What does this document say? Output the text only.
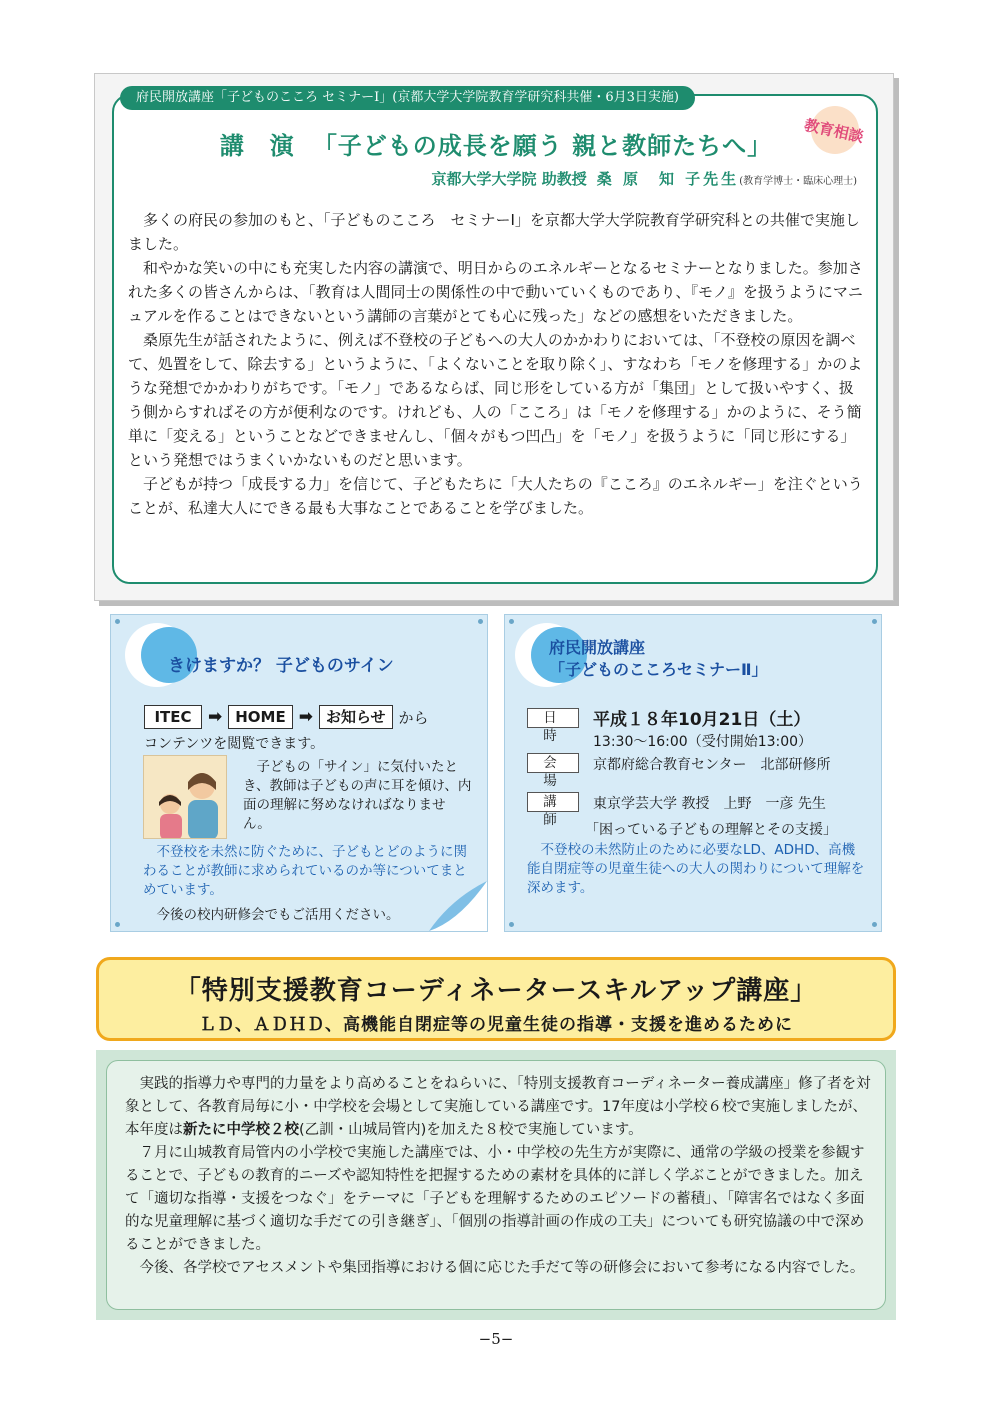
府民開放講座「子どものこころ セミナーⅠ」(京都大学大学院教育学研究科共催・6月3日実施)
教育相談
講　演 「子どもの成長を願う 親と教師たちへ」
京都大学大学院 助教授 桑 原　知 子先生(教育学博士・臨床心理士)

多くの府民の参加のもと、「子どものこころ　セミナーⅠ」を京都大学大学院教育学研究科との共催で実施しました。

和やかな笑いの中にも充実した内容の講演で、明日からのエネルギーとなるセミナーとなりました。参加された多くの皆さんからは、「教育は人間同士の関係性の中で動いていくものであり、『モノ』を扱うようにマニュアルを作ることはできないという講師の言葉がとても心に残った」などの感想をいただきました。

桑原先生が話されたように、例えば不登校の子どもへの大人のかかわりにおいては、「不登校の原因を調べて、処置をして、除去する」というように、「よくないことを取り除く」、すなわち「モノを修理する」かのような発想でかかわりがちです。「モノ」であるならば、同じ形をしている方が「集団」として扱いやすく、扱う側からすればその方が便利なのです。けれども、人の「こころ」は「モノを修理する」かのように、そう簡単に「変える」ということなどできませんし、「個々がもつ凹凸」を「モノ」を扱うように「同じ形にする」という発想ではうまくいかないものだと思います。

子どもが持つ「成長する力」を信じて、子どもたちに「大人たちの『こころ』のエネルギー」を注ぐということが、私達大人にできる最も大事なことであることを学びました。

きけますか？ 子どものサイン
ITEC ➡ HOME ➡ お知らせ から
コンテンツを閲覧できます。
子どもの「サイン」に気付いたとき、教師は子どもの声に耳を傾け、内面の理解に努めなければなりません。
不登校を未然に防ぐために、子どもとどのように関わることが教師に求められているのか等についてまとめています。
今後の校内研修会でもご活用ください。
府民開放講座
「子どものこころセミナーⅡ」
日　時
平成１８年10月21日（土）
13:30～16:00（受付開始13:00）
会　場
京都府総合教育センター　北部研修所
講　師
東京学芸大学 教授　上野　一彦 先生
「困っている子どもの理解とその支援」
不登校の未然防止のために必要なLD、ADHD、高機能自閉症等の児童生徒への大人の関わりについて理解を深めます。
「特別支援教育コーディネータースキルアップ講座」
ＬＤ、ＡＤＨＤ、高機能自閉症等の児童生徒の指導・支援を進めるために

実践的指導力や専門的力量をより高めることをねらいに、「特別支援教育コーディネーター養成講座」修了者を対象として、各教育局毎に小・中学校を会場として実施している講座です。17年度は小学校６校で実施しましたが、本年度は新たに中学校２校(乙訓・山城局管内)を加えた８校で実施しています。

７月に山城教育局管内の小学校で実施した講座では、小・中学校の先生方が実際に、通常の学級の授業を参観することで、子どもの教育的ニーズや認知特性を把握するための素材を具体的に詳しく学ぶことができました。加えて「適切な指導・支援をつなぐ」をテーマに「子どもを理解するためのエピソードの蓄積」、「障害名ではなく多面的な児童理解に基づく適切な手だての引き継ぎ」、「個別の指導計画の作成の工夫」についても研究協議の中で深めることができました。

今後、各学校でアセスメントや集団指導における個に応じた手だて等の研修会において参考になる内容でした。

−5−
